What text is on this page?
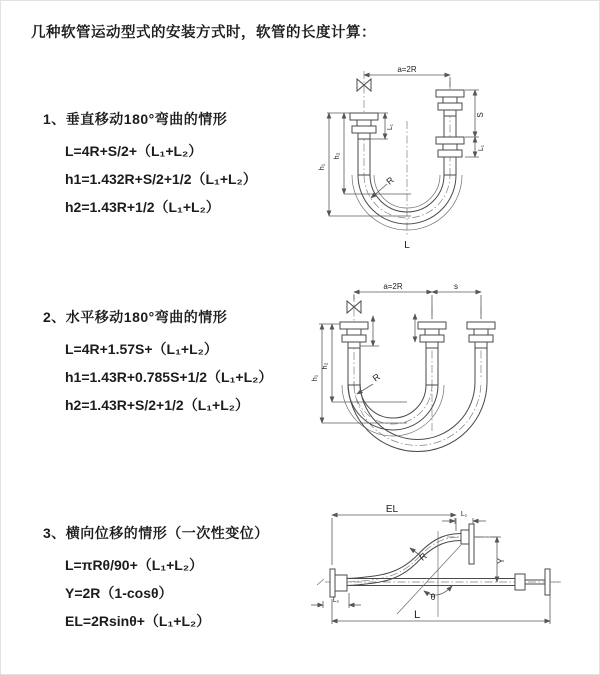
几种软管运动型式的安装方式时，软管的长度计算：
1、垂直移动180°弯曲的情形
L=4R+S/2+（L₁+L₂）
h1=1.432R+S/2+1/2（L₁+L₂）
h2=1.43R+1/2（L₁+L₂）
2、水平移动180°弯曲的情形
L=4R+1.57S+（L₁+L₂）
h1=1.43R+0.785S+1/2（L₁+L₂）
h2=1.43R+S/2+1/2（L₁+L₂）
3、横向位移的情形（一次性变位）
L=πRθ/90+（L₁+L₂）
Y=2R（1-cosθ）
EL=2Rsinθ+（L₁+L₂）
a=2R
S
L₁
L₁
h₂
h₁
R
L
a=2R	s
h₂
h₁	R
EL	L₁
Y
R
θ
L
L₁
